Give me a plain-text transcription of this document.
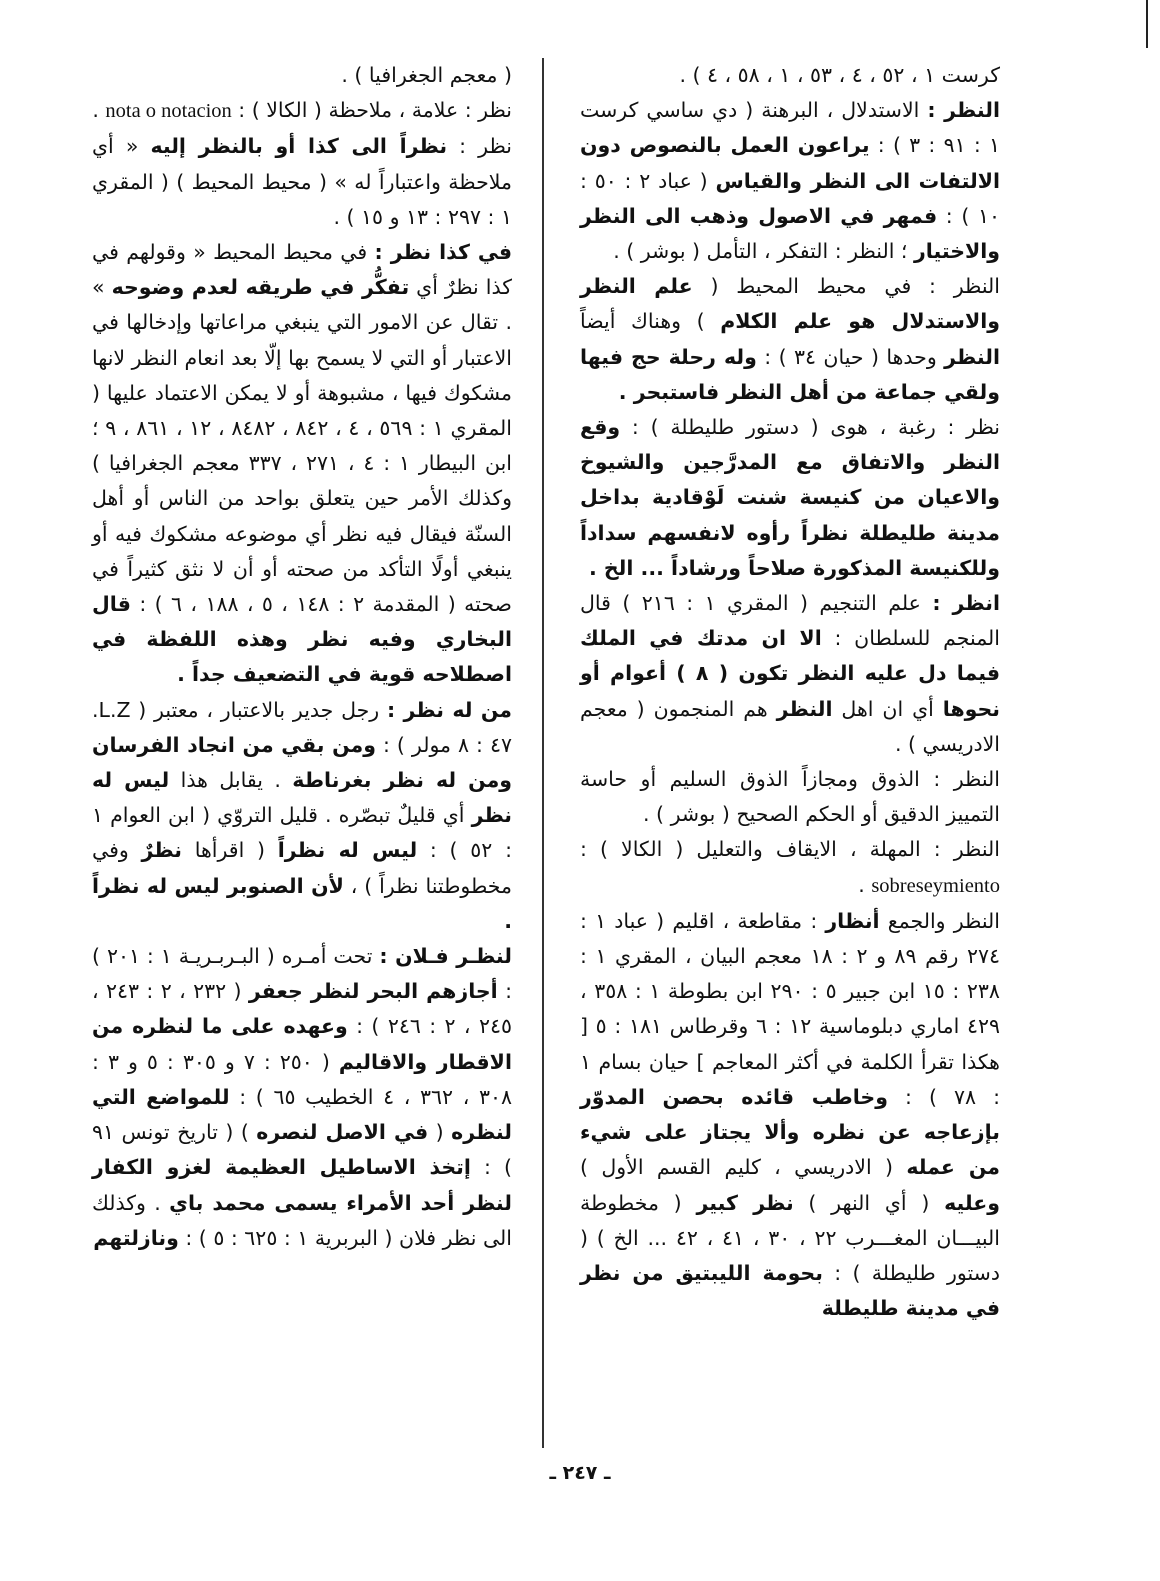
كرست ١ ، ٥٢ ، ٤ ، ٥٣ ، ١ ، ٥٨ ، ٤ ) .

النظر : الاستدلال ، البرهنة ( دي ساسي كرست ١ : ٩١ : ٣ ) : يراعون العمل بالنصوص دون الالتفات الى النظر والقياس ( عباد ٢ : ٥٠ : ١٠ ) : فمهر في الاصول وذهب الى النظر والاختيار ؛ النظر : التفكر ، التأمل ( بوشر ) .

النظر : في محيط المحيط ( علم النظر والاستدلال هو علم الكلام ) وهناك أيضاً النظر وحدها ( حيان ٣٤ ) : وله رحلة حج فيها ولقي جماعة من أهل النظر فاستبحر .

نظر : رغبة ، هوى ( دستور طليطلة ) : وقع النظر والاتفاق مع المدرَّجين والشيوخ والاعيان من كنيسة شنت لَوْقادية بداخل مدينة طليطلة نظراً رأوه لانفسهم سداداً وللكنيسة المذكورة صلاحاً ورشاداً ... الخ .

انظر : علم التنجيم ( المقري ١ : ٢١٦ ) قال المنجم للسلطان : الا ان مدتك في الملك فيما دل عليه النظر تكون ( ٨ ) أعوام أو نحوها أي ان اهل النظر هم المنجمون ( معجم الادريسي ) .

النظر : الذوق ومجازاً الذوق السليم أو حاسة التمييز الدقيق أو الحكم الصحيح ( بوشر ) .

النظر : المهلة ، الايقاف والتعليل ( الكالا ) : sobreseymiento .

النظر والجمع أنظار : مقاطعة ، اقليم ( عباد ١ : ٢٧٤ رقم ٨٩ و ٢ : ١٨ معجم البيان ، المقري ١ : ٢٣٨ : ١٥ ابن جبير ٥ : ٢٩٠ ابن بطوطة ١ : ٣٥٨ ، ٤٢٩ اماري دبلوماسية ١٢ : ٦ وقرطاس ١٨١ : ٥ [ هكذا تقرأ الكلمة في أكثر المعاجم ] حيان بسام ١ : ٧٨ ) : وخاطب قائده بحصن المدوّر بإزعاجه عن نظره وألا يجتاز على شيء من عمله ( الادريسي ، كليم القسم الأول ) وعليه ( أي النهر ) نظر كبير ( مخطوطة البيـــان المغـــرب ٢٢ ، ٣٠ ، ٤١ ، ٤٢ ... الخ ) ( دستور طليطلة ) : بحومة الليبتيق من نظر في مدينة طليطلة

( معجم الجغرافيا ) .

نظر : علامة ، ملاحظة ( الكالا ) : nota o notacion .

نظر : نظراً الى كذا أو بالنظر إليه « أي ملاحظة واعتباراً له » ( محيط المحيط ) ( المقري ١ : ٢٩٧ : ١٣ و ١٥ ) .

في كذا نظر : في محيط المحيط « وقولهم في كذا نظرٌ أي تفكُّر في طريقه لعدم وضوحه » . تقال عن الامور التي ينبغي مراعاتها وإدخالها في الاعتبار أو التي لا يسمح بها إلّا بعد انعام النظر لانها مشكوك فيها ، مشبوهة أو لا يمكن الاعتماد عليها ( المقري ١ : ٥٦٩ ، ٤ ، ٨٤٢ ، ٨٤٨٢ ، ١٢ ، ٨٦١ ، ٩ ؛ ابن البيطار ١ : ٤ ، ٢٧١ ، ٣٣٧ معجم الجغرافيا ) وكذلك الأمر حين يتعلق بواحد من الناس أو أهل السنّة فيقال فيه نظر أي موضوعه مشكوك فيه أو ينبغي أولًا التأكد من صحته أو أن لا نثق كثيراً في صحته ( المقدمة ٢ : ١٤٨ ، ٥ ، ١٨٨ ، ٦ ) : قال البخاري وفيه نظر وهذه اللفظة في اصطلاحه قوية في التضعيف جداً .

من له نظر : رجل جدير بالاعتبار ، معتبر ( L.Z. ٤٧ : ٨ مولر ) : ومن بقي من انجاد الفرسان ومن له نظر بغرناطة . يقابل هذا ليس له نظر أي قليلٌ تبصّره . قليل التروّي ( ابن العوام ١ : ٥٢ ) : ليس له نظراً ( اقرأها نظرٌ وفي مخطوطتنا نظراً ) ، لأن الصنوبر ليس له نظراً .

لنظـر فـلان : تحت أمـره ( البـربـريـة ١ : ٢٠١ ) : أجازهم البحر لنظر جعفر ( ٢٣٢ ، ٢ : ٢٤٣ ، ٢٤٥ ، ٢ : ٢٤٦ ) : وعهده على ما لنظره من الاقطار والاقاليم ( ٢٥٠ : ٧ و ٣٠٥ : ٥ و ٣ : ٣٠٨ ، ٣٦٢ ، ٤ الخطيب ٦٥ ) : للمواضع التي لنظره ( في الاصل لنصره ) ( تاريخ تونس ٩١ ) : إتخذ الاساطيل العظيمة لغزو الكفار لنظر أحد الأمراء يسمى محمد باي . وكذلك الى نظر فلان ( البربرية ١ : ٦٢٥ : ٥ ) : ونازلتهم

ـ ٢٤٧ ـ
